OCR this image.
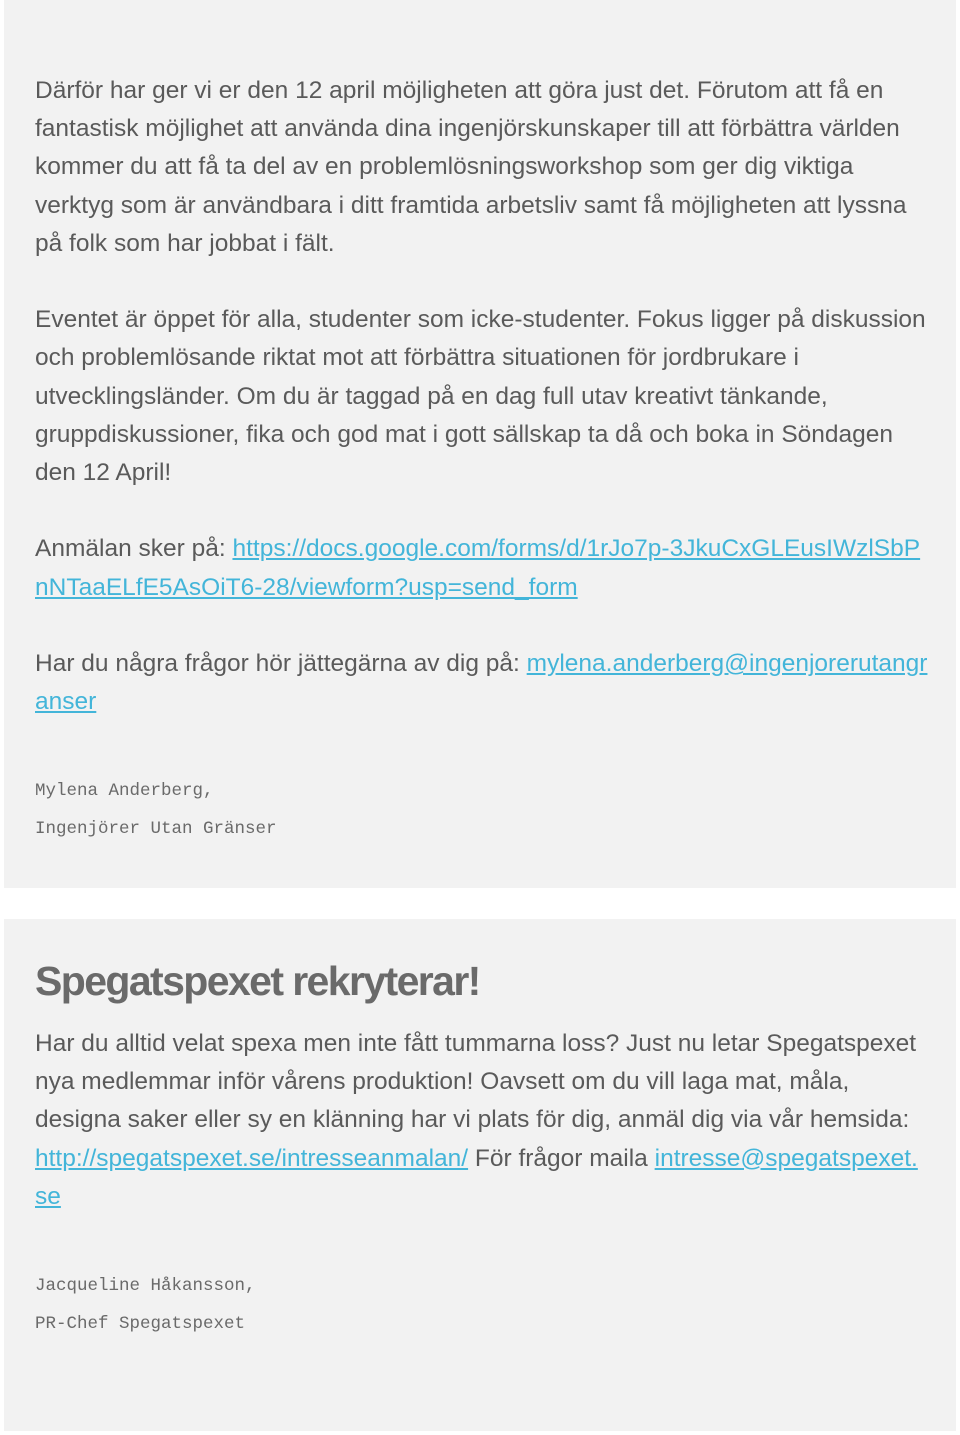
Därför har ger vi er den 12 april möjligheten att göra just det. Förutom att få en fantastisk möjlighet att använda dina ingenjörskunskaper till att förbättra världen kommer du att få ta del av en problemlösningsworkshop som ger dig viktiga verktyg som är användbara i ditt framtida arbetsliv samt få möjligheten att lyssna på folk som har jobbat i fält.

Eventet är öppet för alla, studenter som icke-studenter. Fokus ligger på diskussion och problemlösande riktat mot att förbättra situationen för jordbrukare i utvecklingsländer. Om du är taggad på en dag full utav kreativt tänkande, gruppdiskussioner, fika och god mat i gott sällskap ta då och boka in Söndagen den 12 April!

Anmälan sker på: https://docs.google.com/forms/d/1rJo7p-3JkuCxGLEusIWzlSbPnNTaaELfE5AsOiT6-28/viewform?usp=send_form

Har du några frågor hör jättegärna av dig på: mylena.anderberg@ingenjorerutangranser

Mylena Anderberg,
Ingenjörer Utan Gränser
Spegatspexet rekryterar!

Har du alltid velat spexa men inte fått tummarna loss? Just nu letar Spegatspexet nya medlemmar inför vårens produktion! Oavsett om du vill laga mat, måla, designa saker eller sy en klänning har vi plats för dig, anmäl dig via vår hemsida: http://spegatspexet.se/intresseanmalan/ För frågor maila intresse@spegatspexet.se

Jacqueline Håkansson,
PR-Chef Spegatspexet
